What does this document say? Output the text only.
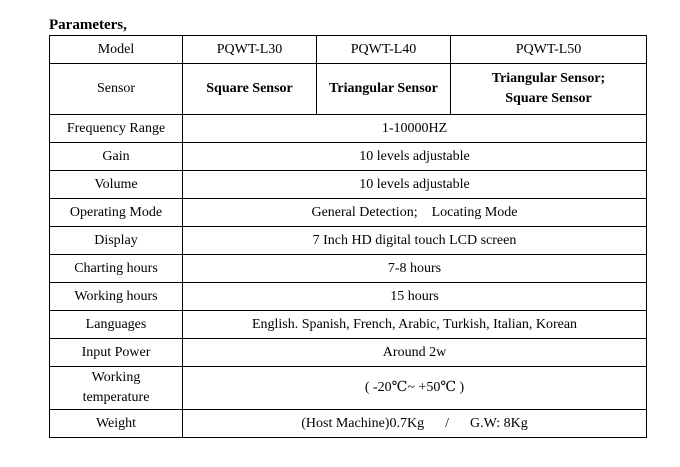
Parameters,
Model	PQWT-L30	PQWT-L40	PQWT-L50
Sensor	Square Sensor	Triangular Sensor	Triangular Sensor;
Square Sensor
Frequency Range	1-10000HZ		
Gain	10 levels adjustable		
Volume	10 levels adjustable		
Operating Mode	General Detection;    Locating Mode		
Display	7 Inch HD digital touch LCD screen		
Charting hours	7-8 hours		
Working hours	15 hours		
Languages	English. Spanish, French, Arabic, Turkish, Italian, Korean		
Input Power	Around 2w		
Working
temperature	( -20℃~ +50℃ )		
Weight	(Host Machine)0.7Kg      /      G.W: 8Kg		
